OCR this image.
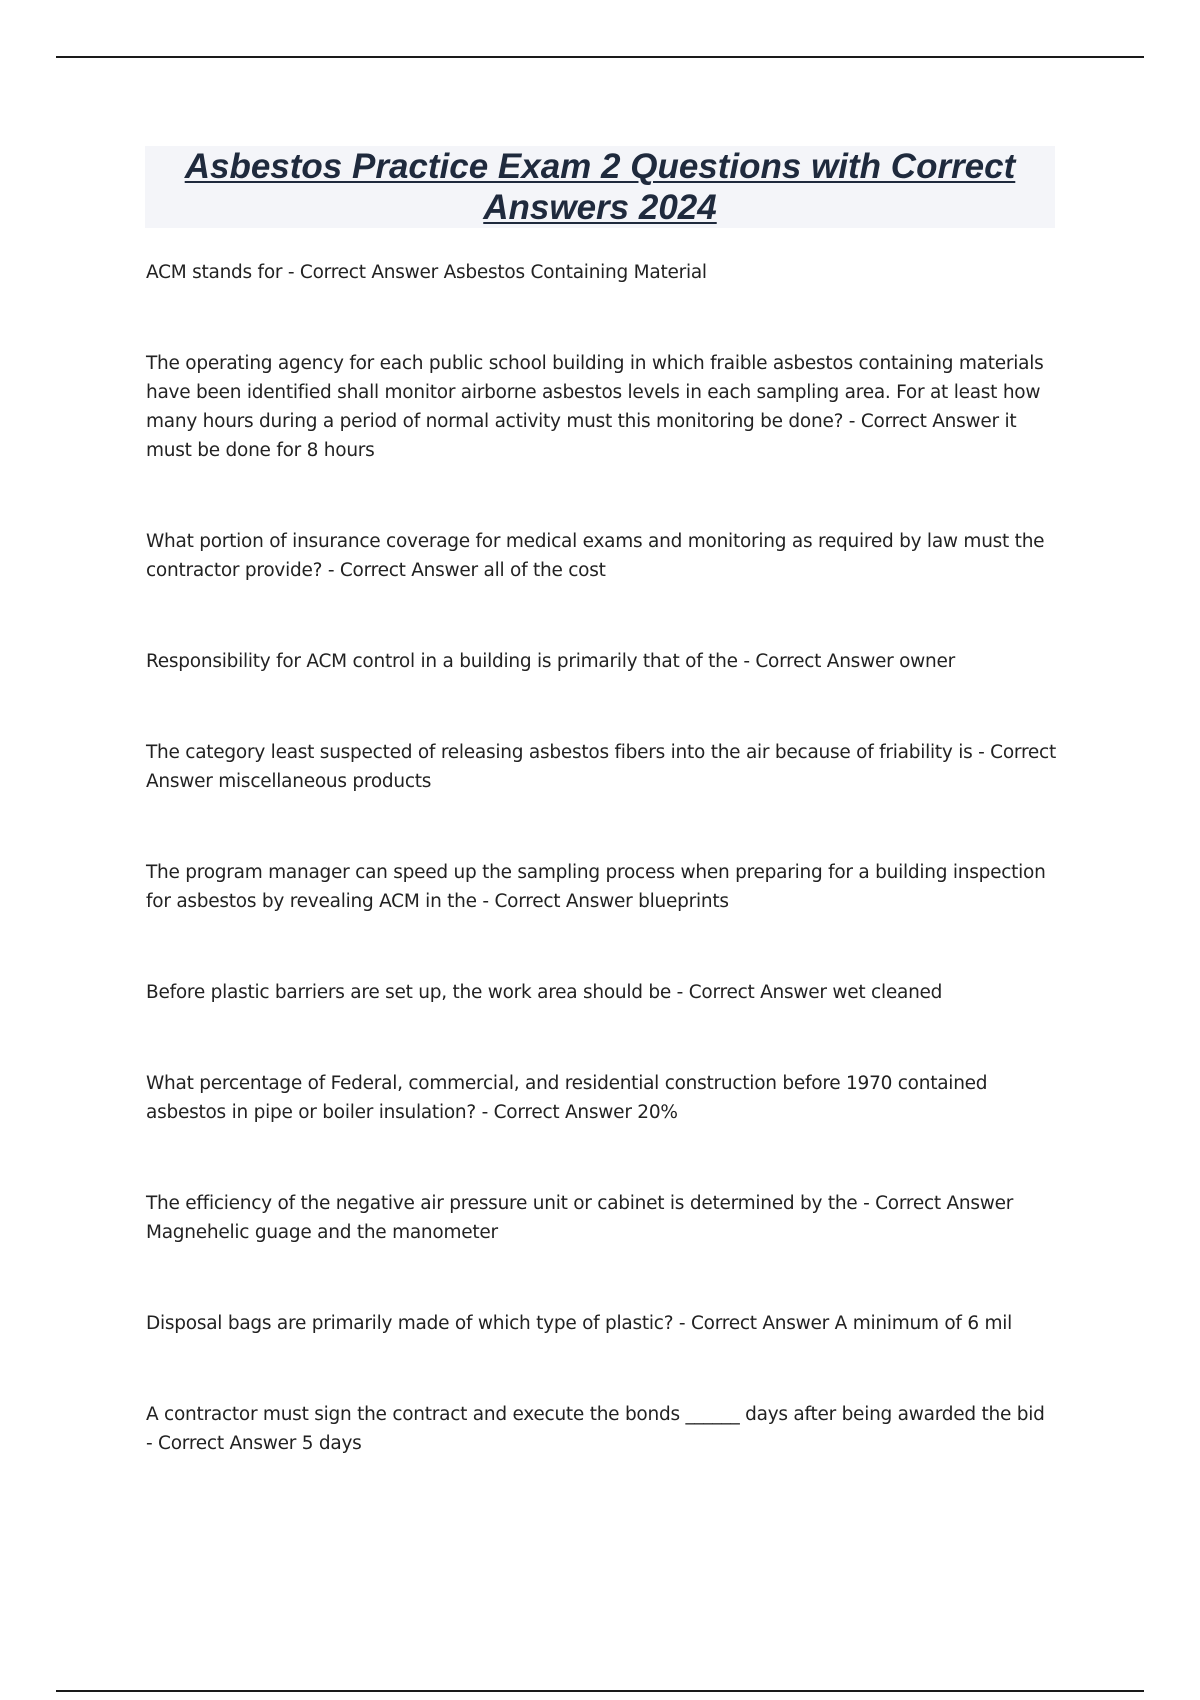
Asbestos Practice Exam 2 Questions with Correct Answers 2024
ACM stands for - Correct Answer Asbestos Containing Material
The operating agency for each public school building in which fraible asbestos containing materials have been identified shall monitor airborne asbestos levels in each sampling area. For at least how many hours during a period of normal activity must this monitoring be done? - Correct Answer it must be done for 8 hours
What portion of insurance coverage for medical exams and monitoring as required by law must the contractor provide? - Correct Answer all of the cost
Responsibility for ACM control in a building is primarily that of the - Correct Answer owner
The category least suspected of releasing asbestos fibers into the air because of friability is - Correct Answer miscellaneous products
The program manager can speed up the sampling process when preparing for a building inspection for asbestos by revealing ACM in the - Correct Answer blueprints
Before plastic barriers are set up, the work area should be - Correct Answer wet cleaned
What percentage of Federal, commercial, and residential construction before 1970 contained asbestos in pipe or boiler insulation? - Correct Answer 20%
The efficiency of the negative air pressure unit or cabinet is determined by the - Correct Answer Magnehelic guage and the manometer
Disposal bags are primarily made of which type of plastic? - Correct Answer A minimum of 6 mil
A contractor must sign the contract and execute the bonds ______ days after being awarded the bid - Correct Answer 5 days
